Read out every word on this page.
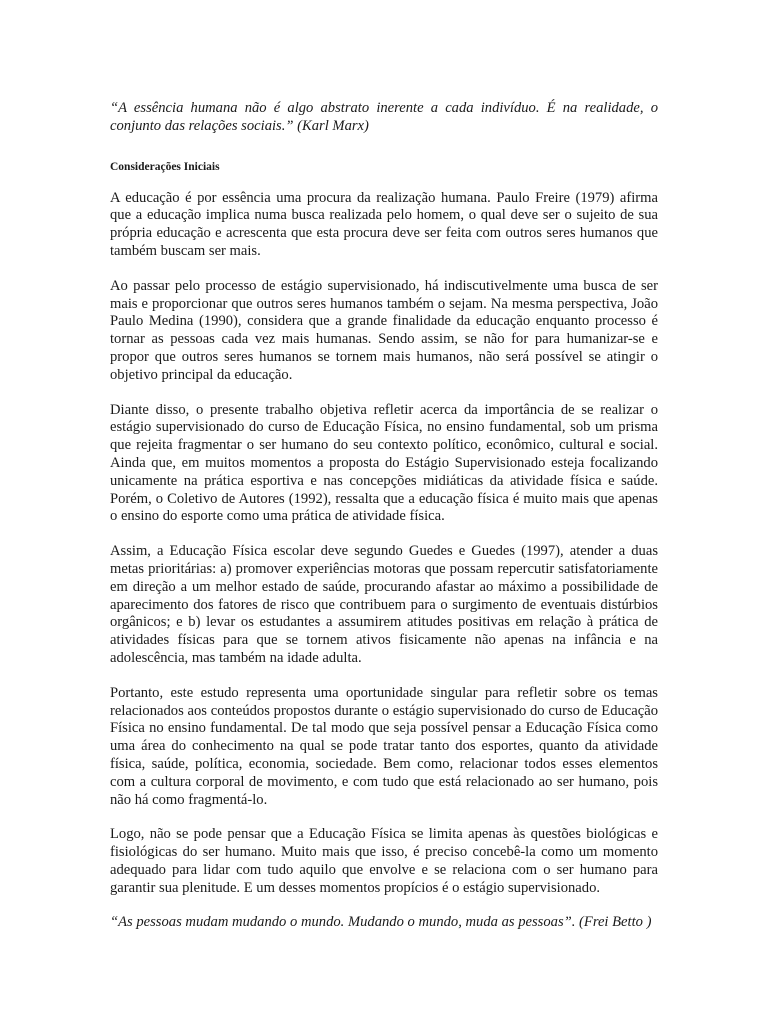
“A essência humana não é algo abstrato inerente a cada indivíduo. É na realidade, o conjunto das relações sociais.” (Karl Marx)

Considerações Iniciais

A educação é por essência uma procura da realização humana. Paulo Freire (1979) afirma que a educação implica numa busca realizada pelo homem, o qual deve ser o sujeito de sua própria educação e acrescenta que esta procura deve ser feita com outros seres humanos que também buscam ser mais.

Ao passar pelo processo de estágio supervisionado, há indiscutivelmente uma busca de ser mais e proporcionar que outros seres humanos também o sejam. Na mesma perspectiva, João Paulo Medina (1990), considera que a grande finalidade da educação enquanto processo é tornar as pessoas cada vez mais humanas. Sendo assim, se não for para humanizar-se e propor que outros seres humanos se tornem mais humanos, não será possível se atingir o objetivo principal da educação.

Diante disso, o presente trabalho objetiva refletir acerca da importância de se realizar o estágio supervisionado do curso de Educação Física, no ensino fundamental, sob um prisma que rejeita fragmentar o ser humano do seu contexto político, econômico, cultural e social. Ainda que, em muitos momentos a proposta do Estágio Supervisionado esteja focalizando unicamente na prática esportiva e nas concepções midiáticas da atividade física e saúde. Porém, o Coletivo de Autores (1992), ressalta que a educação física é muito mais que apenas o ensino do esporte como uma prática de atividade física.

Assim, a Educação Física escolar deve segundo Guedes e Guedes (1997), atender a duas metas prioritárias: a) promover experiências motoras que possam repercutir satisfatoriamente em direção a um melhor estado de saúde, procurando afastar ao máximo a possibilidade de aparecimento dos fatores de risco que contribuem para o surgimento de eventuais distúrbios orgânicos; e b) levar os estudantes a assumirem atitudes positivas em relação à prática de atividades físicas para que se tornem ativos fisicamente não apenas na infância e na adolescência, mas também na idade adulta.

Portanto, este estudo representa uma oportunidade singular para refletir sobre os temas relacionados aos conteúdos propostos durante o estágio supervisionado do curso de Educação Física no ensino fundamental. De tal modo que seja possível pensar a Educação Física como uma área do conhecimento na qual se pode tratar tanto dos esportes, quanto da atividade física, saúde, política, economia, sociedade. Bem como, relacionar todos esses elementos com a cultura corporal de movimento, e com tudo que está relacionado ao ser humano, pois não há como fragmentá-lo.

Logo, não se pode pensar que a Educação Física se limita apenas às questões biológicas e fisiológicas do ser humano. Muito mais que isso, é preciso concebê-la como um momento adequado para lidar com tudo aquilo que envolve e se relaciona com o ser humano para garantir sua plenitude. E um desses momentos propícios é o estágio supervisionado.

“As pessoas mudam mudando o mundo. Mudando o mundo, muda as pessoas”. (Frei Betto )
